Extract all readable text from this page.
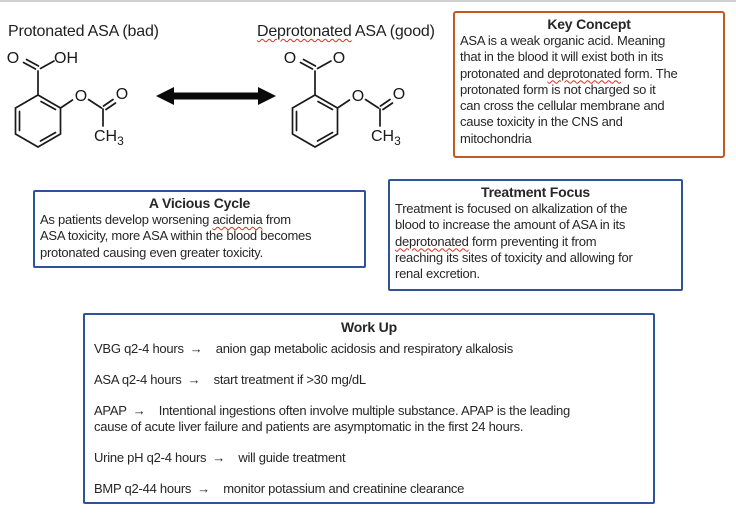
Protonated ASA (bad)	Deprotonated ASA (good)
O OH
O O
$CH_3$
O O
O O
$CH_3$
Key Concept
ASA is a weak organic acid. Meaning
that in the blood it will exist both in its
protonated and deprotonated form. The
protonated form is not charged so it
can cross the cellular membrane and
cause toxicity in the CNS and
mitochondria
A Vicious Cycle
As patients develop worsening acidemia from
ASA toxicity, more ASA within the blood becomes
protonated causing even greater toxicity.
Treatment Focus
Treatment is focused on alkalization of the
blood to increase the amount of ASA in its
deprotonated form preventing it from
reaching its sites of toxicity and allowing for
renal excretion.
Work Up
VBG q2-4 hours → anion gap metabolic acidosis and respiratory alkalosis
ASA q2-4 hours → start treatment if >30 mg/dL
APAP → Intentional ingestions often involve multiple substance. APAP is the leading
cause of acute liver failure and patients are asymptomatic in the first 24 hours.
Urine pH q2-4 hours → will guide treatment
BMP q2-44 hours → monitor potassium and creatinine clearance
